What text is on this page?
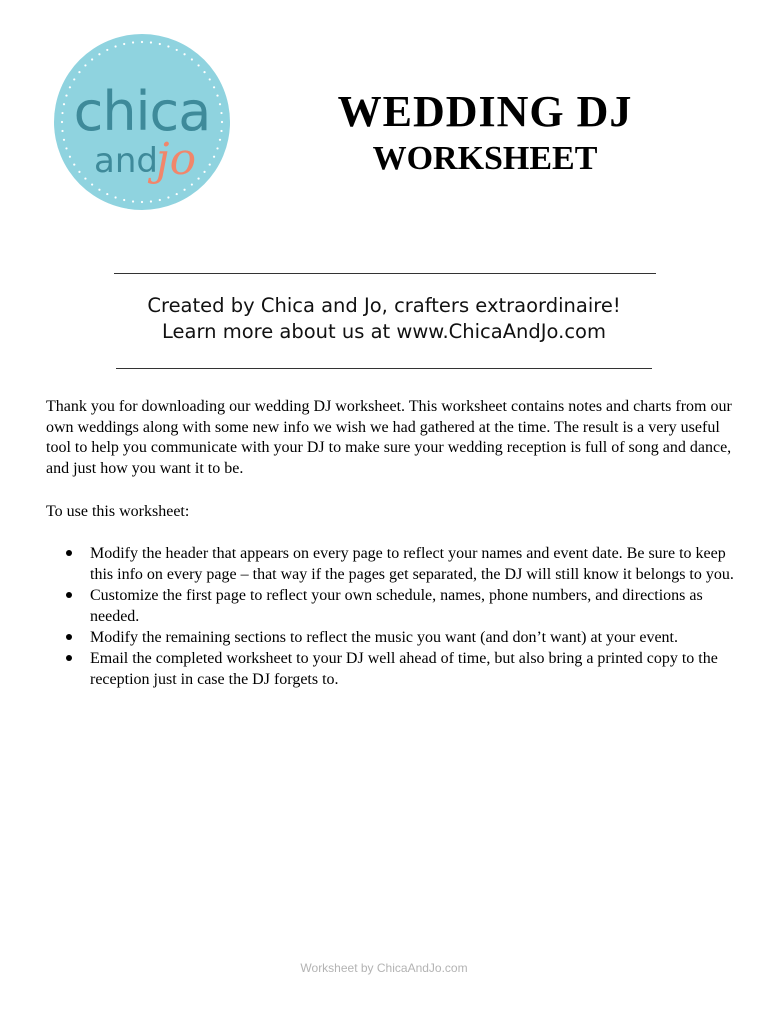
chica
and
jo
WEDDING DJ
WORKSHEET

Created by Chica and Jo, crafters extraordinaire!

Learn more about us at www.ChicaAndJo.com

Thank you for downloading our wedding DJ worksheet. This worksheet contains notes and charts from our own weddings along with some new info we wish we had gathered at the time. The result is a very useful tool to help you communicate with your DJ to make sure your wedding reception is full of song and dance, and just how you want it to be.

To use this worksheet:

Modify the header that appears on every page to reflect your names and event date. Be sure to keep this info on every page – that way if the pages get separated, the DJ will still know it belongs to you.
Customize the first page to reflect your own schedule, names, phone numbers, and directions as needed.
Modify the remaining sections to reflect the music you want (and don’t want) at your event.
Email the completed worksheet to your DJ well ahead of time, but also bring a printed copy to the reception just in case the DJ forgets to.
Worksheet by ChicaAndJo.com
